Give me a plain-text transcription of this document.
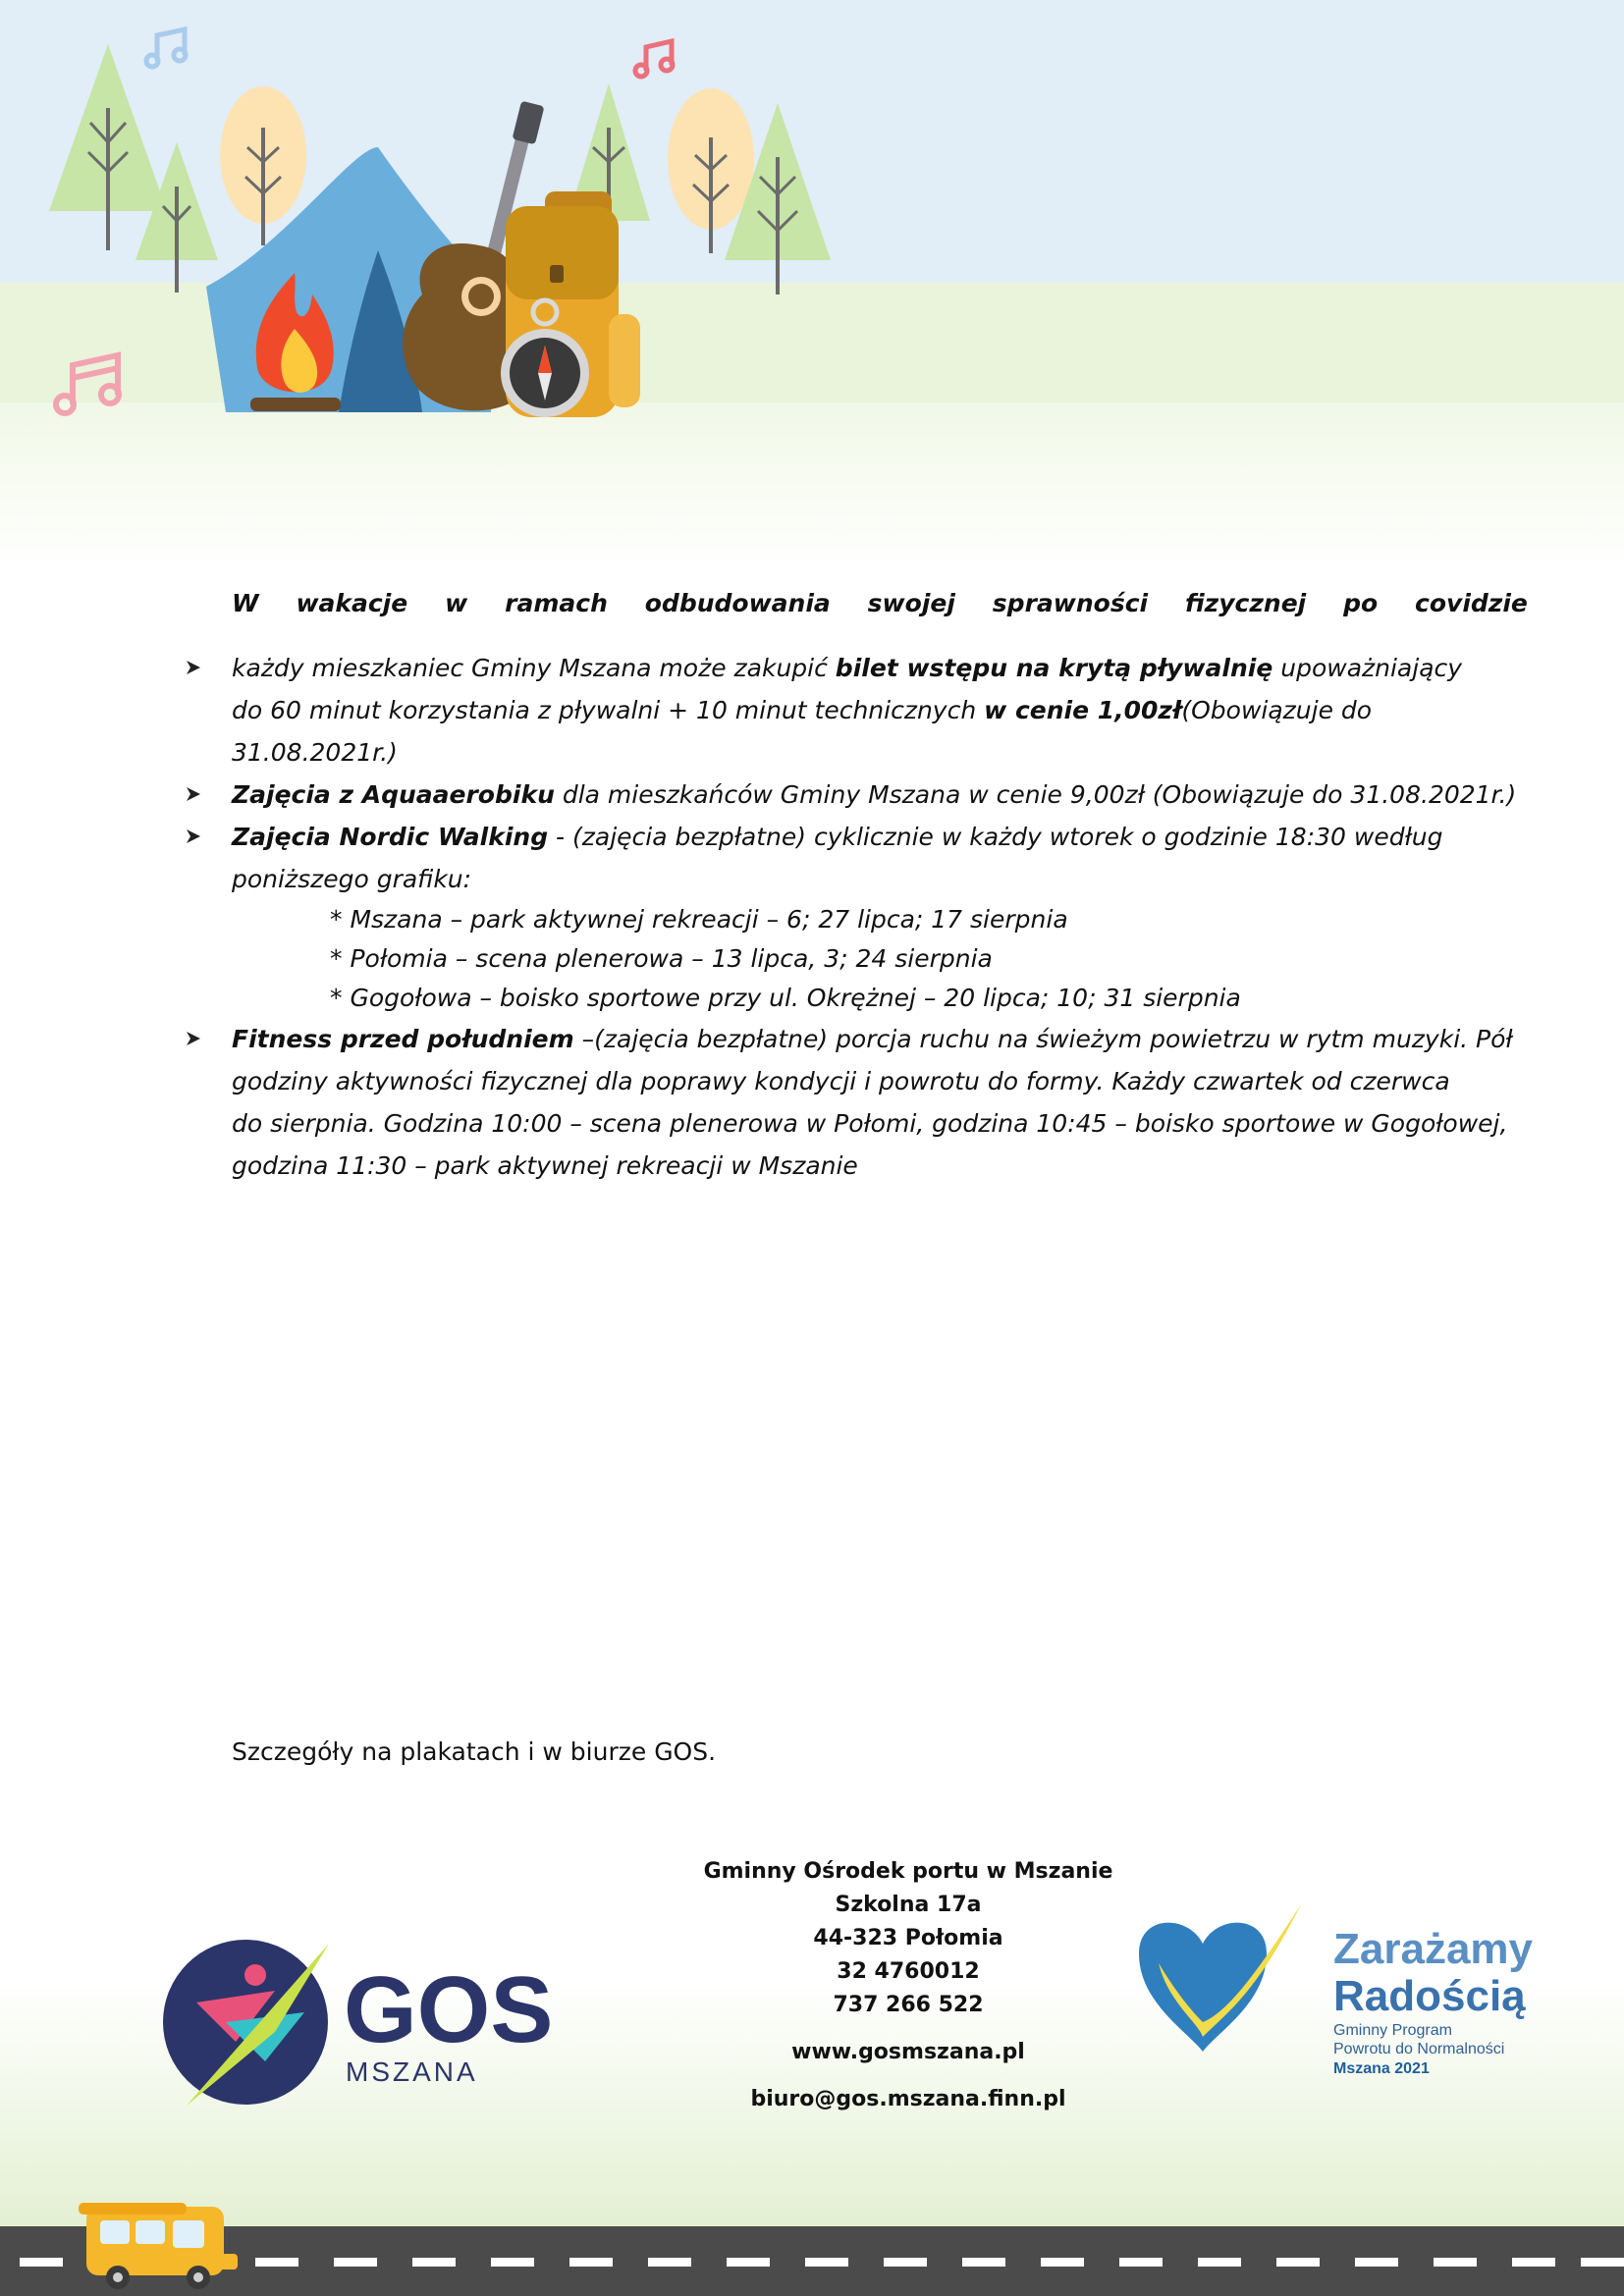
W wakacje w ramach odbudowania swojej sprawności fizycznej po covidzie
każdy mieszkaniec Gminy Mszana może zakupić bilet wstępu na krytą pływalnię upoważniający
do 60 minut korzystania z pływalni + 10 minut technicznych w cenie 1,00zł(Obowiązuje do 31.08.2021r.)
Zajęcia z Aquaaerobiku dla mieszkańców Gminy Mszana w cenie 9,00zł (Obowiązuje do 31.08.2021r.)
Zajęcia Nordic Walking - (zajęcia bezpłatne) cyklicznie w każdy wtorek o godzinie 18:30 według
poniższego grafiku:
* Mszana – park aktywnej rekreacji – 6; 27 lipca; 17 sierpnia
* Połomia – scena plenerowa – 13 lipca, 3; 24 sierpnia
* Gogołowa – boisko sportowe przy ul. Okrężnej – 20 lipca; 10; 31 sierpnia
Fitness przed południem –(zajęcia bezpłatne) porcja ruchu na świeżym powietrzu w rytm muzyki. Pół
godziny aktywności fizycznej dla poprawy kondycji i powrotu do formy. Każdy czwartek od czerwca
do sierpnia. Godzina 10:00 – scena plenerowa w Połomi, godzina 10:45 – boisko sportowe w Gogołowej,
godzina 11:30 – park aktywnej rekreacji w Mszanie
Szczegóły na plakatach i w biurze GOS.
Gminny Ośrodek portu w Mszanie
Szkolna 17a
44-323 Połomia
32 4760012
737 266 522
www.gosmszana.pl
biuro@gos.mszana.finn.pl
GOS
MSZANA
Zarażamy
Radością
Gminny Program
Powrotu do Normalności
Mszana 2021
